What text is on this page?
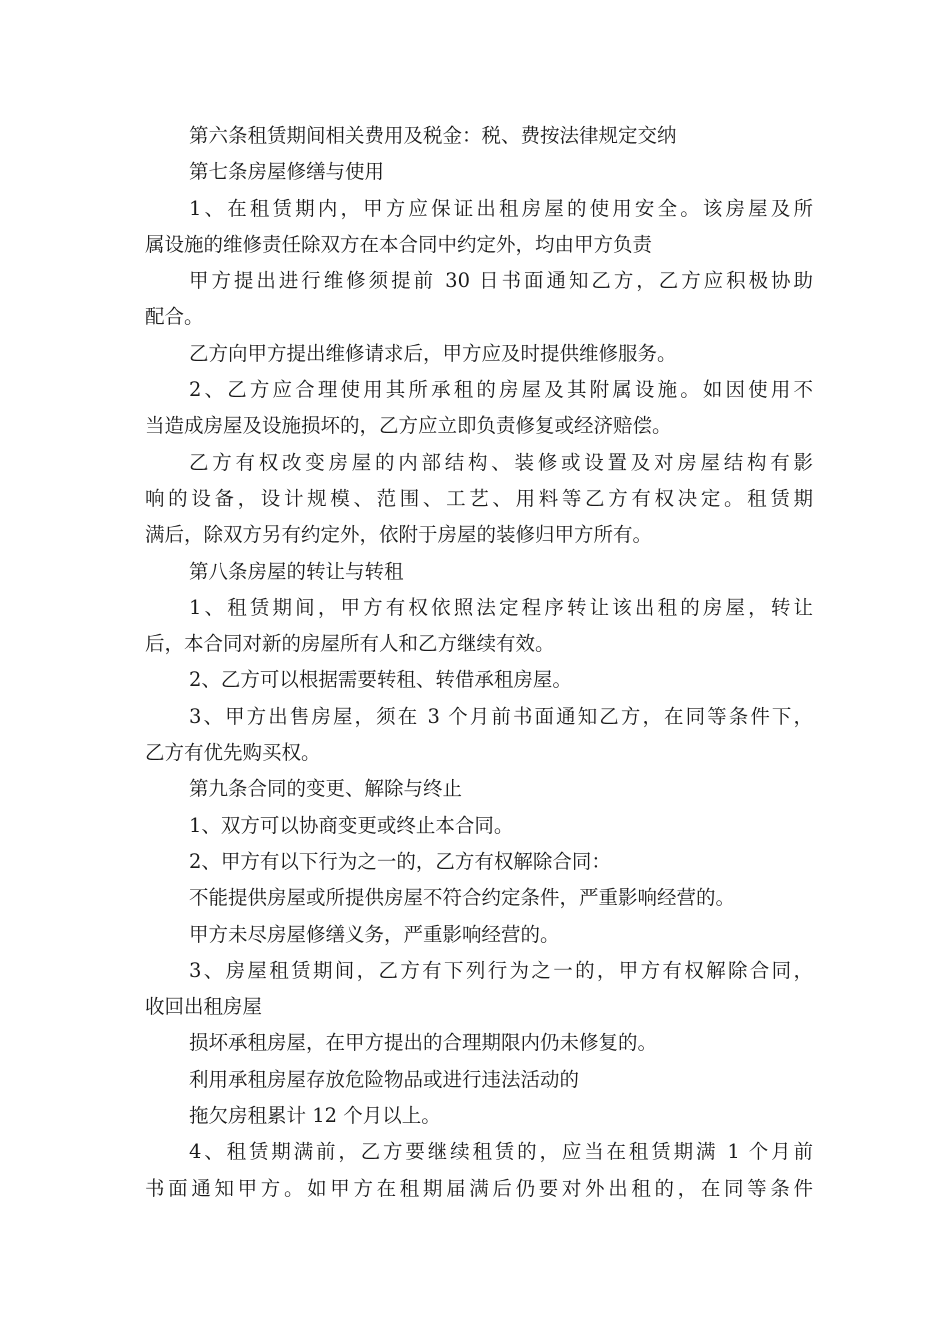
第六条租赁期间相关费用及税金：税、费按法律规定交纳

第七条房屋修缮与使用

1、在租赁期内，甲方应保证出租房屋的使用安全。该房屋及所

属设施的维修责任除双方在本合同中约定外，均由甲方负责

甲方提出进行维修须提前 30 日书面通知乙方，乙方应积极协助

配合。

乙方向甲方提出维修请求后，甲方应及时提供维修服务。

2、乙方应合理使用其所承租的房屋及其附属设施。如因使用不

当造成房屋及设施损坏的，乙方应立即负责修复或经济赔偿。

乙方有权改变房屋的内部结构、装修或设置及对房屋结构有影

响的设备，设计规模、范围、工艺、用料等乙方有权决定。租赁期

满后，除双方另有约定外，依附于房屋的装修归甲方所有。

第八条房屋的转让与转租

1、租赁期间，甲方有权依照法定程序转让该出租的房屋，转让

后，本合同对新的房屋所有人和乙方继续有效。

2、乙方可以根据需要转租、转借承租房屋。

3、甲方出售房屋，须在 3 个月前书面通知乙方，在同等条件下，

乙方有优先购买权。

第九条合同的变更、解除与终止

1、双方可以协商变更或终止本合同。

2、甲方有以下行为之一的，乙方有权解除合同：

不能提供房屋或所提供房屋不符合约定条件，严重影响经营的。

甲方未尽房屋修缮义务，严重影响经营的。

3、房屋租赁期间，乙方有下列行为之一的，甲方有权解除合同，

收回出租房屋

损坏承租房屋，在甲方提出的合理期限内仍未修复的。

利用承租房屋存放危险物品或进行违法活动的

拖欠房租累计 12 个月以上。

4、租赁期满前，乙方要继续租赁的，应当在租赁期满 1 个月前

书面通知甲方。如甲方在租期届满后仍要对外出租的，在同等条件
